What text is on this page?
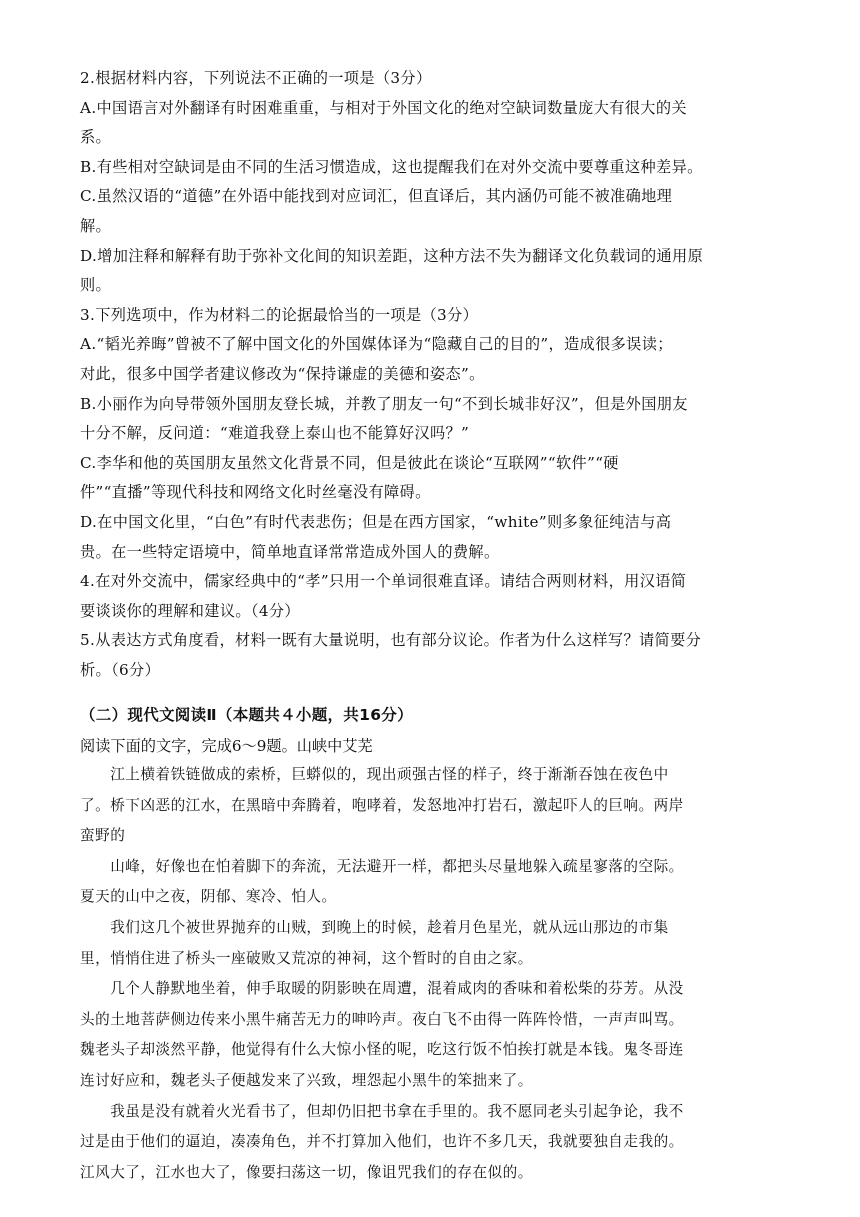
2.根据材料内容，下列说法不正确的一项是（3分）
A.中国语言对外翻译有时困难重重，与相对于外国文化的绝对空缺词数量庞大有很大的关
系。
B.有些相对空缺词是由不同的生活习惯造成，这也提醒我们在对外交流中要尊重这种差异。
C.虽然汉语的“道德”在外语中能找到对应词汇，但直译后，其内涵仍可能不被准确地理
解。
D.增加注释和解释有助于弥补文化间的知识差距，这种方法不失为翻译文化负载词的通用原
则。
3.下列选项中，作为材料二的论据最恰当的一项是（3分）
A.“韬光养晦”曾被不了解中国文化的外国媒体译为“隐藏自己的目的”，造成很多误读；
对此，很多中国学者建议修改为“保持谦虚的美德和姿态”。
B.小丽作为向导带领外国朋友登长城，并教了朋友一句“不到长城非好汉”，但是外国朋友
十分不解，反问道：“难道我登上泰山也不能算好汉吗？”
C.李华和他的英国朋友虽然文化背景不同，但是彼此在谈论“互联网”“软件”“硬
件”“直播”等现代科技和网络文化时丝毫没有障碍。
D.在中国文化里，“白色”有时代表悲伤；但是在西方国家，“white”则多象征纯洁与高
贵。在一些特定语境中，简单地直译常常造成外国人的费解。
4.在对外交流中，儒家经典中的“孝”只用一个单词很难直译。请结合两则材料，用汉语简
要谈谈你的理解和建议。（4分）
5.从表达方式角度看，材料一既有大量说明，也有部分议论。作者为什么这样写？请简要分
析。（6分）
（二）现代文阅读Ⅱ（本题共４小题，共16分）
阅读下面的文字，完成6～9题。山峡中艾芜
　　江上横着铁链做成的索桥，巨蟒似的，现出顽强古怪的样子，终于渐渐吞蚀在夜色中
了。桥下凶恶的江水，在黑暗中奔腾着，咆哮着，发怒地冲打岩石，激起吓人的巨响。两岸
蛮野的
　　山峰，好像也在怕着脚下的奔流，无法避开一样，都把头尽量地躲入疏星寥落的空际。
夏天的山中之夜，阴郁、寒冷、怕人。
　　我们这几个被世界抛弃的山贼，到晚上的时候，趁着月色星光，就从远山那边的市集
里，悄悄住进了桥头一座破败又荒凉的神祠，这个暂时的自由之家。
　　几个人静默地坐着，伸手取暖的阴影映在周遭，混着咸肉的香味和着松柴的芬芳。从没
头的土地菩萨侧边传来小黑牛痛苦无力的呻吟声。夜白飞不由得一阵阵怜惜，一声声叫骂。
魏老头子却淡然平静，他觉得有什么大惊小怪的呢，吃这行饭不怕挨打就是本钱。鬼冬哥连
连讨好应和，魏老头子便越发来了兴致，埋怨起小黑牛的笨拙来了。
　　我虽是没有就着火光看书了，但却仍旧把书拿在手里的。我不愿同老头引起争论，我不
过是由于他们的逼迫，凑凑角色，并不打算加入他们，也许不多几天，我就要独自走我的。
江风大了，江水也大了，像要扫荡这一切，像诅咒我们的存在似的。
